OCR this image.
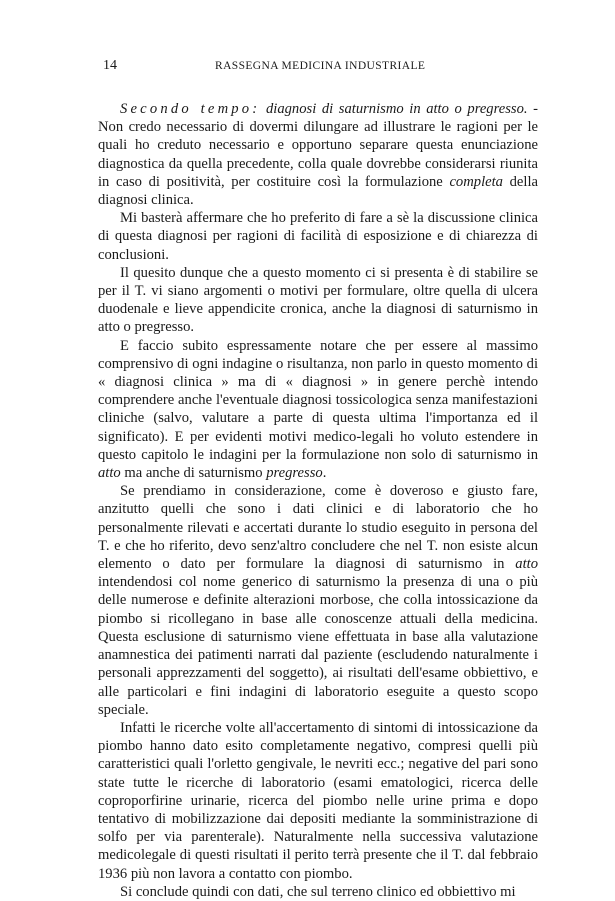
14	RASSEGNA MEDICINA INDUSTRIALE

Secondo tempo: diagnosi di saturnismo in atto o pregresso. - Non credo necessario di dovermi dilungare ad illustrare le ragioni per le quali ho creduto necessario e opportuno separare questa enunciazione diagnostica da quella precedente, colla quale dovrebbe considerarsi riunita in caso di positività, per costituire così la formulazione completa della diagnosi clinica.

Mi basterà affermare che ho preferito di fare a sè la discussione clinica di questa diagnosi per ragioni di facilità di esposizione e di chiarezza di conclusioni.

Il quesito dunque che a questo momento ci si presenta è di stabilire se per il T. vi siano argomenti o motivi per formulare, oltre quella di ulcera duodenale e lieve appendicite cronica, anche la diagnosi di saturnismo in atto o pregresso.

E faccio subito espressamente notare che per essere al massimo comprensivo di ogni indagine o risultanza, non parlo in questo momento di « diagnosi clinica » ma di « diagnosi » in genere perchè intendo comprendere anche l'eventuale diagnosi tossicologica senza manifestazioni cliniche (salvo, valutare a parte di questa ultima l'importanza ed il significato). E per evidenti motivi medico-legali ho voluto estendere in questo capitolo le indagini per la formulazione non solo di saturnismo in atto ma anche di saturnismo pregresso.

Se prendiamo in considerazione, come è doveroso e giusto fare, anzitutto quelli che sono i dati clinici e di laboratorio che ho personalmente rilevati e accertati durante lo studio eseguito in persona del T. e che ho riferito, devo senz'altro concludere che nel T. non esiste alcun elemento o dato per formulare la diagnosi di saturnismo in atto intendendosi col nome generico di saturnismo la presenza di una o più delle numerose e definite alterazioni morbose, che colla intossicazione da piombo si ricollegano in base alle conoscenze attuali della medicina. Questa esclusione di saturnismo viene effettuata in base alla valutazione anamnestica dei patimenti narrati dal paziente (escludendo naturalmente i personali apprezzamenti del soggetto), ai risultati dell'esame obbiettivo, e alle particolari e fini indagini di laboratorio eseguite a questo scopo speciale.

Infatti le ricerche volte all'accertamento di sintomi di intossicazione da piombo hanno dato esito completamente negativo, compresi quelli più caratteristici quali l'orletto gengivale, le nevriti ecc.; negative del pari sono state tutte le ricerche di laboratorio (esami ematologici, ricerca delle coproporfirine urinarie, ricerca del piombo nelle urine prima e dopo tentativo di mobilizzazione dai depositi mediante la somministrazione di solfo per via parenterale). Naturalmente nella successiva valutazione medicolegale di questi risultati il perito terrà presente che il T. dal febbraio 1936 più non lavora a contatto con piombo.

Si conclude quindi con dati, che sul terreno clinico ed obbiettivo mi
